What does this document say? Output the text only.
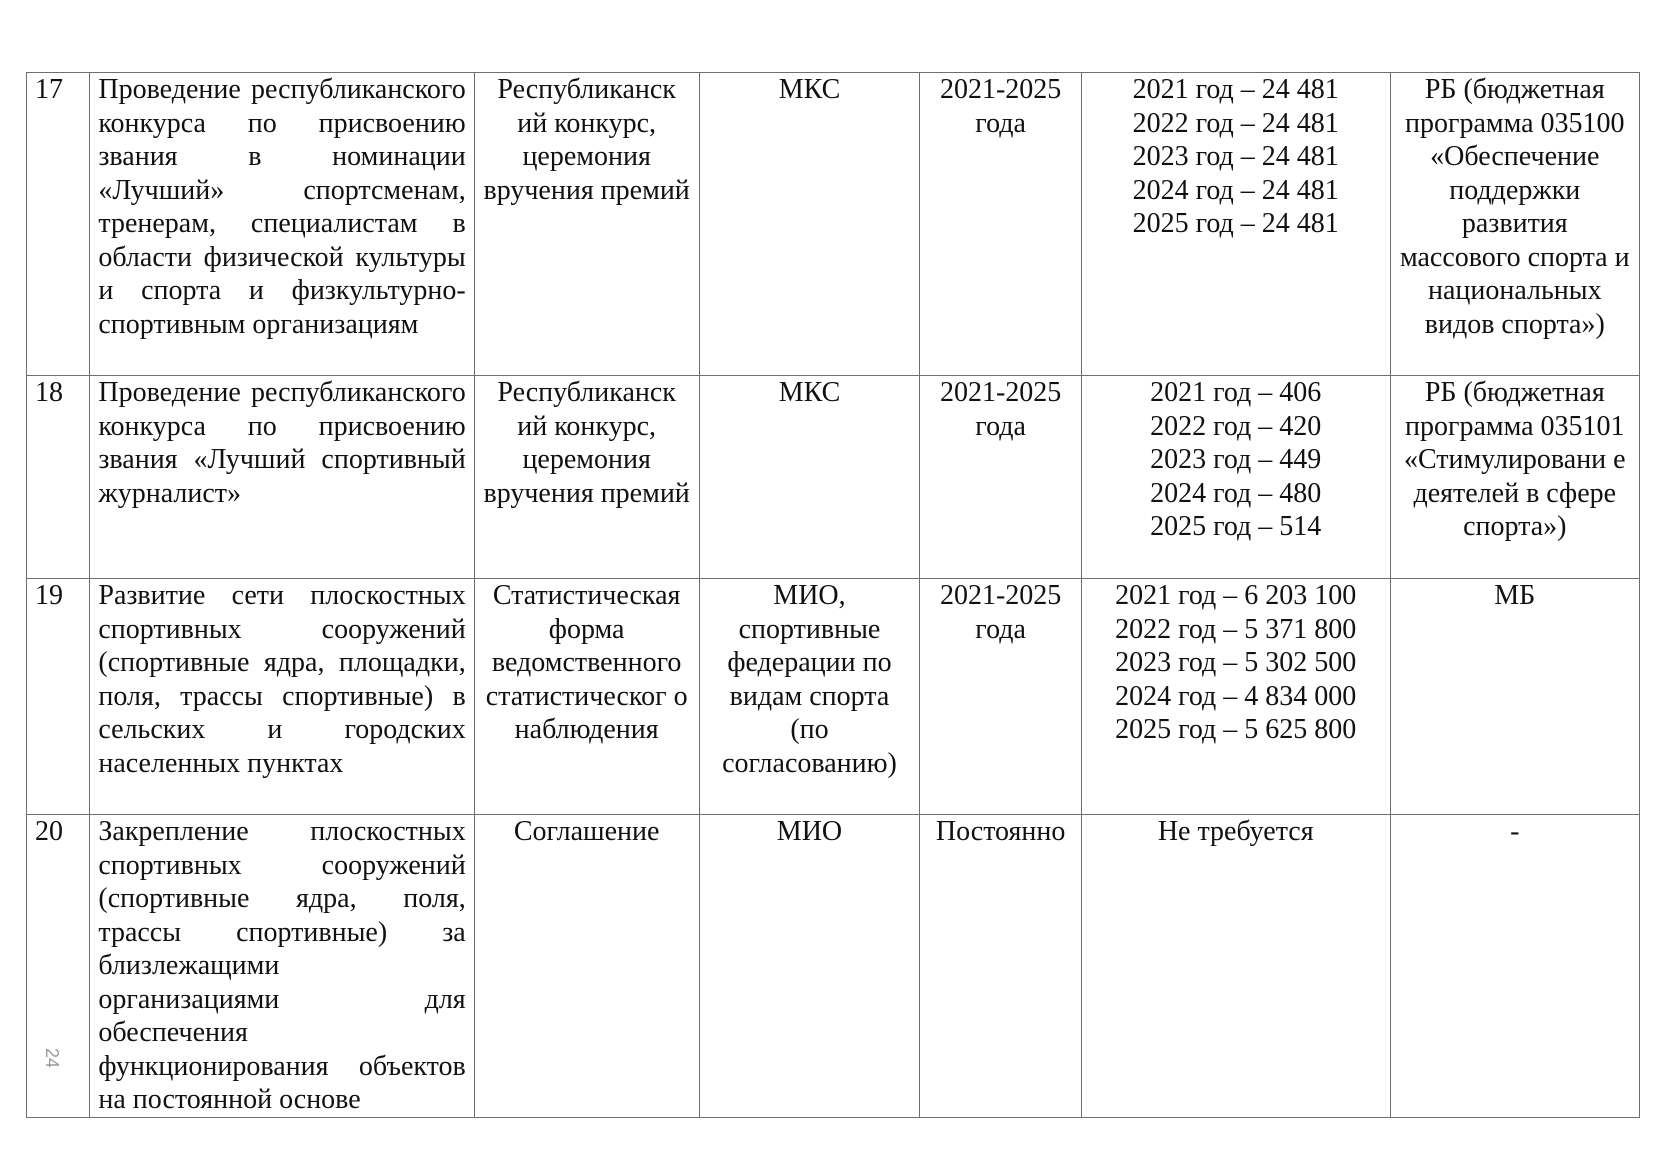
17	Проведение республиканского конкурса по присвоению звания в номинации «Лучший» спортсменам, тренерам, специалистам в области физической культуры и спорта и физкультурно-спортивным организациям	Республиканск ий конкурс, церемония вручения премий	МКС	2021-2025 года	2021 год – 24 481
2022 год – 24 481
2023 год – 24 481
2024 год – 24 481
2025 год – 24 481	РБ (бюджетная программа 035100 «Обеспечение поддержки развития массового спорта и национальных видов спорта»)
18	Проведение республиканского конкурса по присвоению звания «Лучший спортивный журналист»	Республиканск ий конкурс, церемония вручения премий	МКС	2021-2025 года	2021 год – 406
2022 год – 420
2023 год – 449
2024 год – 480
2025 год – 514	РБ (бюджетная программа 035101 «Стимулировани е деятелей в сфере спорта»)
19	Развитие сети плоскостных спортивных сооружений (спортивные ядра, площадки, поля, трассы спортивные) в сельских и городских населенных пунктах	Статистическая форма ведомственного статистическог о наблюдения	МИО, спортивные федерации по видам спорта (по согласованию)	2021-2025 года	2021 год – 6 203 100
2022 год – 5 371 800
2023 год – 5 302 500
2024 год – 4 834 000
2025 год – 5 625 800	МБ
20	Закрепление плоскостных спортивных сооружений (спортивные ядра, поля, трассы спортивные) за близлежащими организациями для обеспечения функционирования объектов на постоянной основе	Соглашение	МИО	Постоянно	Не требуется	-
24
